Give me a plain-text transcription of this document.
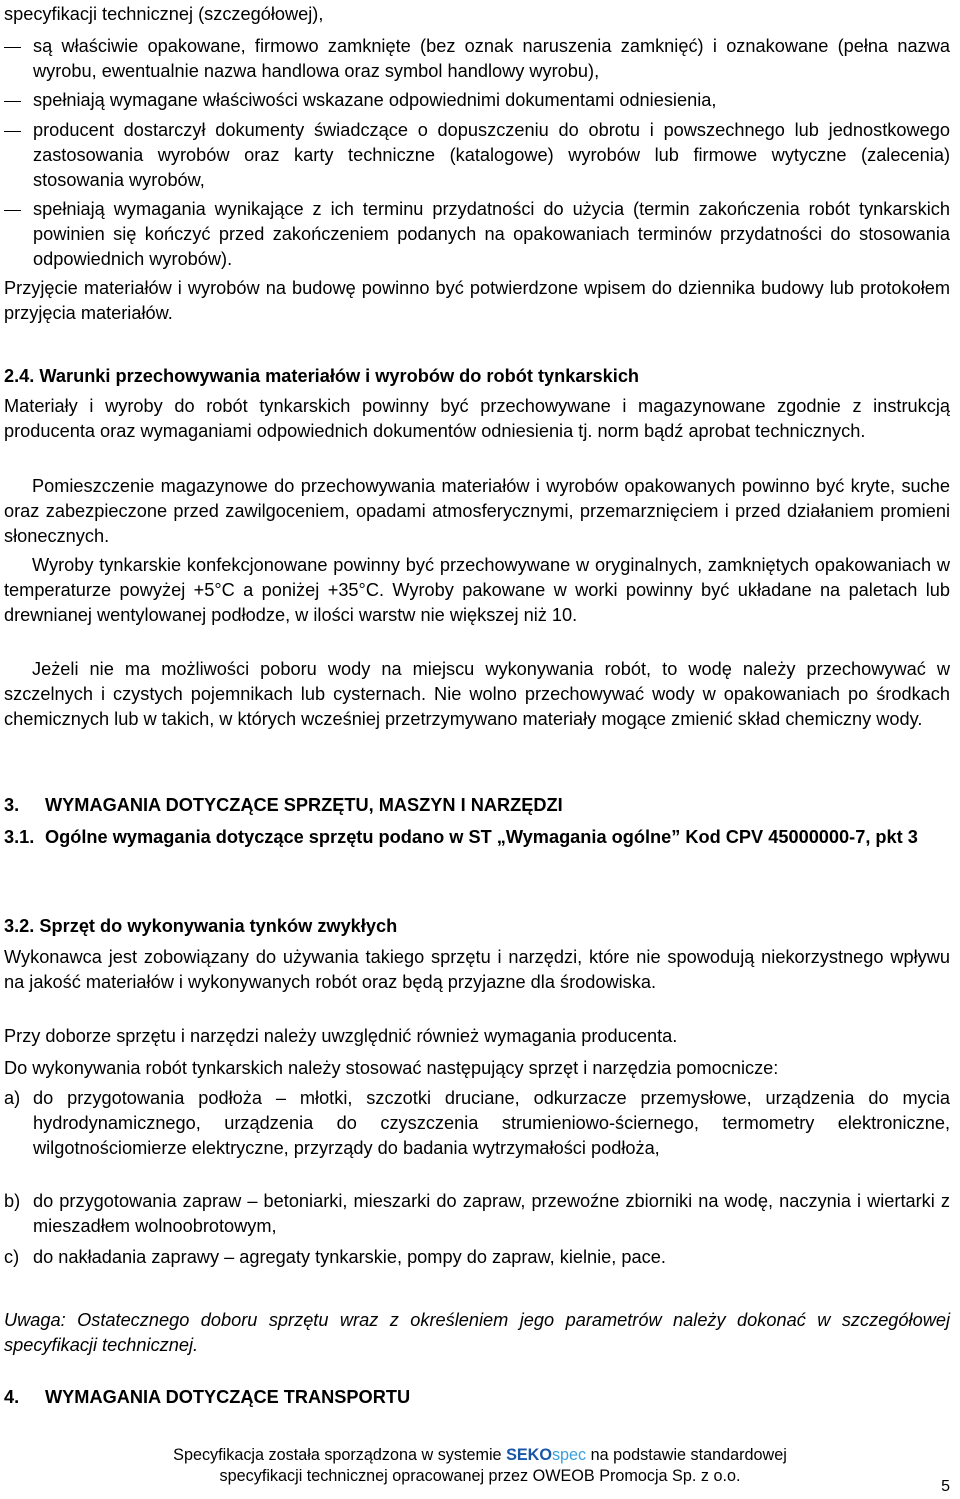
specyfikacji technicznej (szczegółowej),

są właściwie opakowane, firmowo zamknięte (bez oznak naruszenia zamknięć) i oznakowane (pełna nazwa wyrobu, ewentualnie nazwa handlowa oraz symbol handlowy wyrobu),

spełniają wymagane właściwości wskazane odpowiednimi dokumentami odniesienia,

producent dostarczył dokumenty świadczące o dopuszczeniu do obrotu i powszechnego lub jednostkowego zastosowania wyrobów oraz karty techniczne (katalogowe) wyrobów lub firmowe wytyczne (zalecenia) stosowania wyrobów,

spełniają wymagania wynikające z ich terminu przydatności do użycia (termin zakończenia robót tynkarskich powinien się kończyć przed zakończeniem podanych na opakowaniach terminów przydatności do stosowania odpowiednich wyrobów).

Przyjęcie materiałów i wyrobów na budowę powinno być potwierdzone wpisem do dziennika budowy lub protokołem przyjęcia materiałów.

2.4. Warunki przechowywania materiałów i wyrobów do robót tynkarskich

Materiały i wyroby do robót tynkarskich powinny być przechowywane i magazynowane zgodnie z instrukcją producenta oraz wymaganiami odpowiednich dokumentów odniesienia tj. norm bądź aprobat technicznych.

Pomieszczenie magazynowe do przechowywania materiałów i wyrobów opakowanych powinno być kryte, suche oraz zabezpieczone przed zawilgoceniem, opadami atmosferycznymi, przemarznięciem i przed działaniem promieni słonecznych.

Wyroby tynkarskie konfekcjonowane powinny być przechowywane w oryginalnych, zamkniętych opakowaniach w temperaturze powyżej +5°C a poniżej +35°C. Wyroby pakowane w worki powinny być układane na paletach lub drewnianej wentylowanej podłodze, w ilości warstw nie większej niż 10.

Jeżeli nie ma możliwości poboru wody na miejscu wykonywania robót, to wodę należy przechowywać w szczelnych i czystych pojemnikach lub cysternach. Nie wolno przechowywać wody w opakowaniach po środkach chemicznych lub w takich, w których wcześniej przetrzymywano materiały mogące zmienić skład chemiczny wody.

3.	WYMAGANIA DOTYCZĄCE SPRZĘTU, MASZYN I NARZĘDZI
3.1. Ogólne wymagania dotyczące sprzętu podano w ST „Wymagania ogólne” Kod CPV 45000000-7, pkt 3
3.2. Sprzęt do wykonywania tynków zwykłych

Wykonawca jest zobowiązany do używania takiego sprzętu i narzędzi, które nie spowodują niekorzystnego wpływu na jakość materiałów i wykonywanych robót oraz będą przyjazne dla środowiska.

Przy doborze sprzętu i narzędzi należy uwzględnić również wymagania producenta.

Do wykonywania robót tynkarskich należy stosować następujący sprzęt i narzędzia pomocnicze:

a) do przygotowania podłoża – młotki, szczotki druciane, odkurzacze przemysłowe, urządzenia do mycia hydrodynamicznego, urządzenia do czyszczenia strumieniowo-ściernego, termometry elektroniczne, wilgotnościomierze elektryczne, przyrządy do badania wytrzymałości podłoża,

b) do przygotowania zapraw – betoniarki, mieszarki do zapraw, przewoźne zbiorniki na wodę, naczynia i wiertarki z mieszadłem wolnoobrotowym,

c) do nakładania zaprawy – agregaty tynkarskie, pompy do zapraw, kielnie, pace.

Uwaga: Ostatecznego doboru sprzętu wraz z określeniem jego parametrów należy dokonać w szczegółowej specyfikacji technicznej.

4.	WYMAGANIA DOTYCZĄCE TRANSPORTU
Specyfikacja została sporządzona w systemie SEKOspec na podstawie standardowej
specyfikacji technicznej opracowanej przez OWEOB Promocja Sp. z o.o.
5
